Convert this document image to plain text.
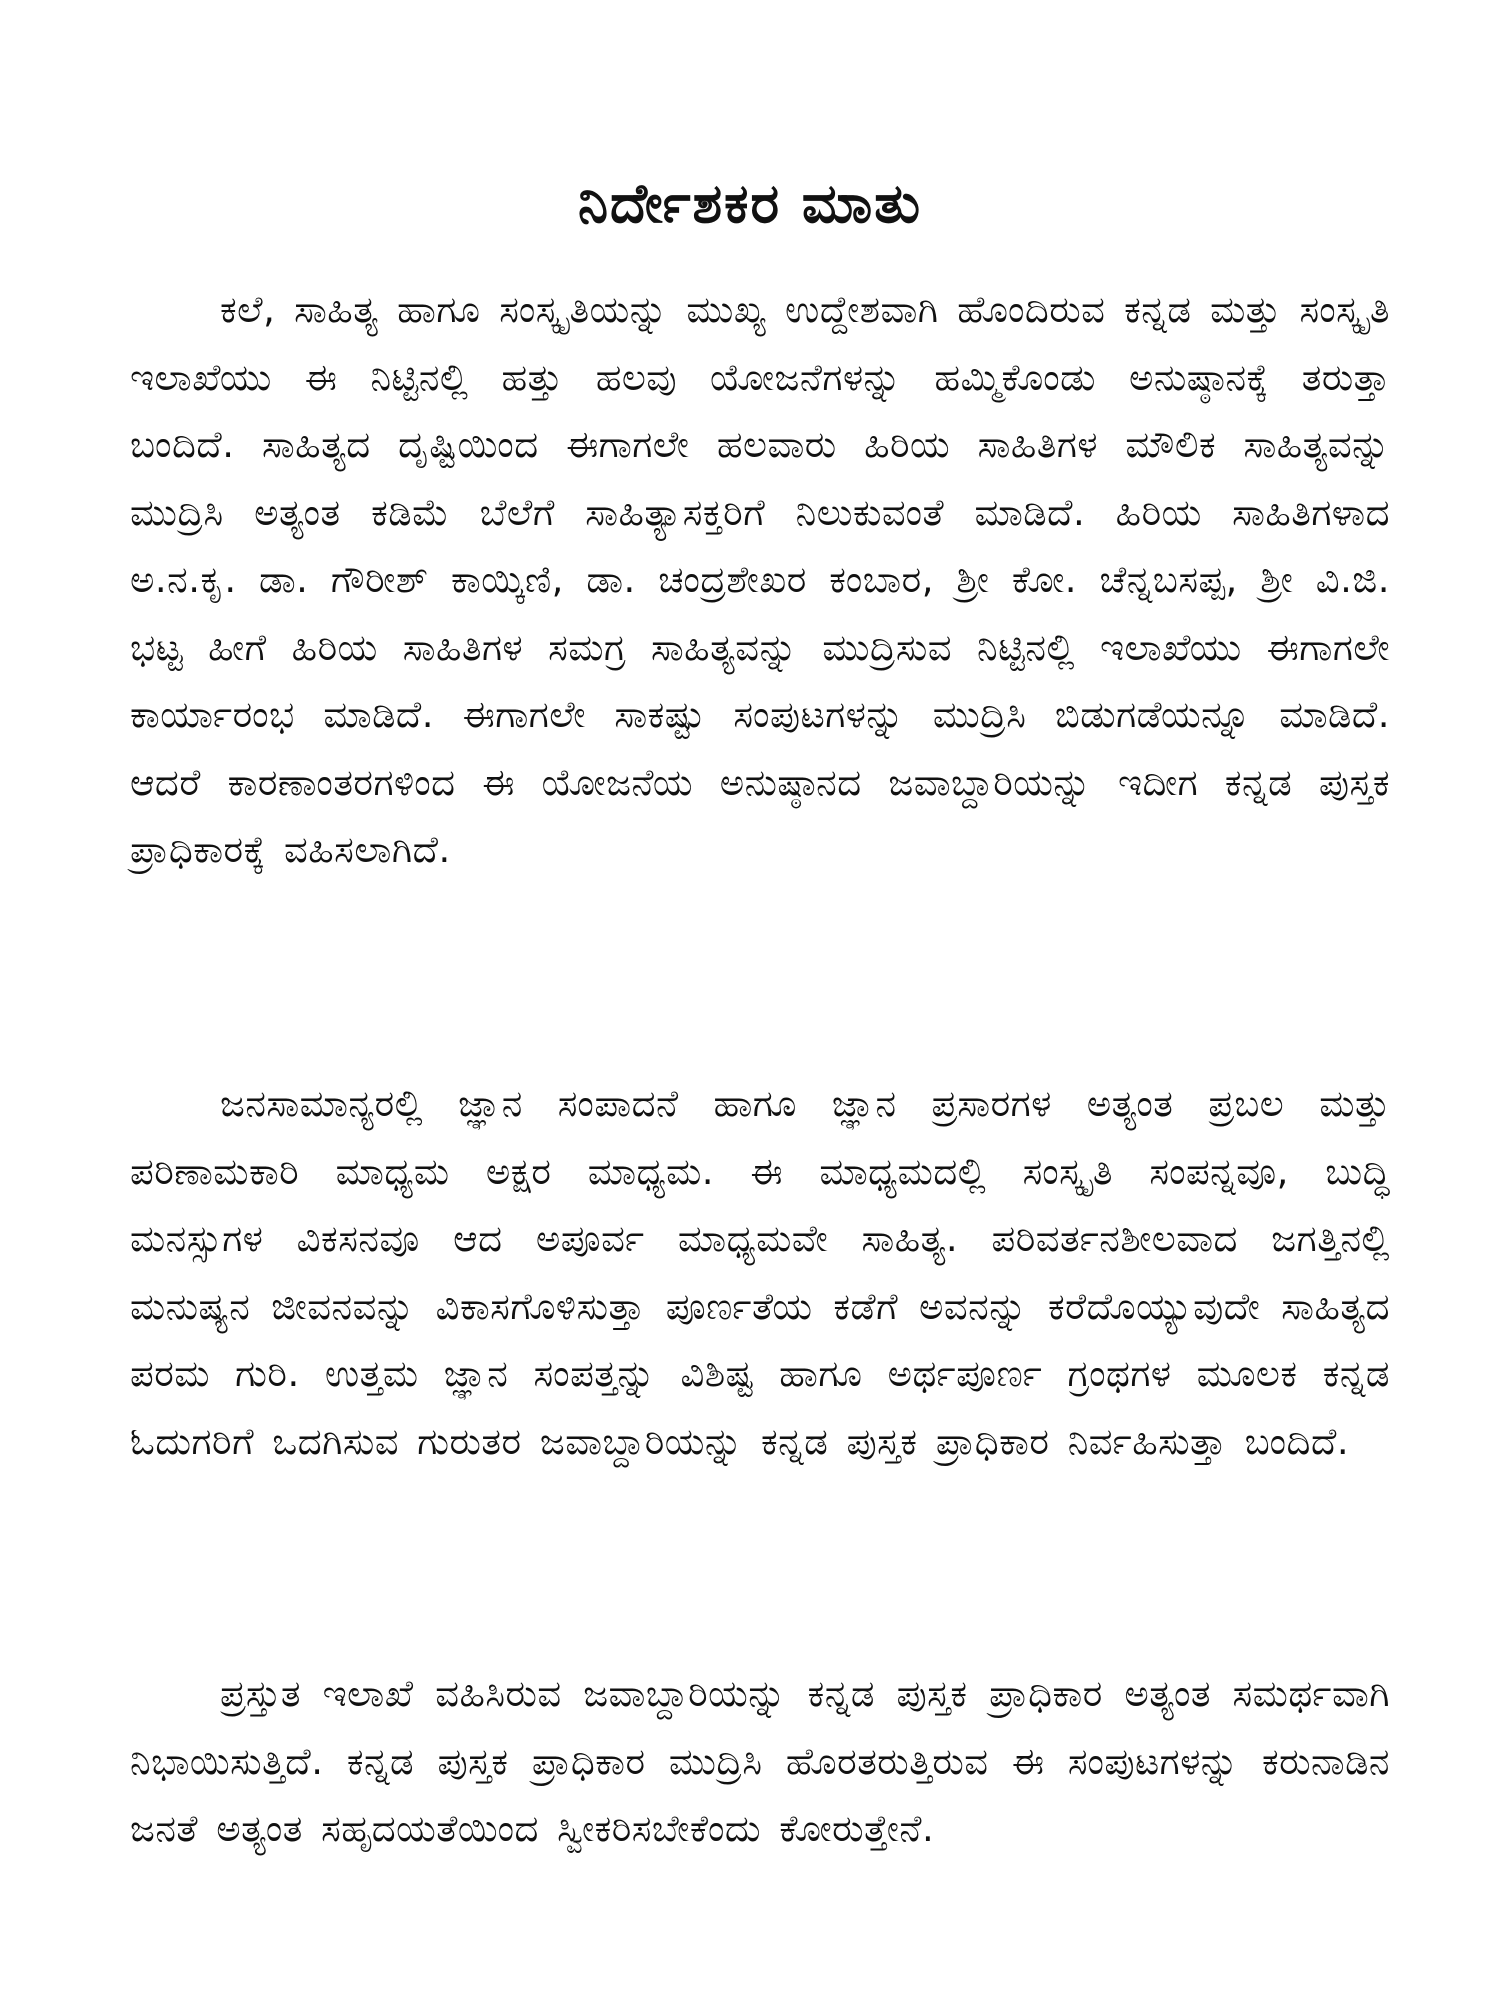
ನಿರ್ದೇಶಕರ ಮಾತು

ಕಲೆ, ಸಾಹಿತ್ಯ ಹಾಗೂ ಸಂಸ್ಕೃತಿಯನ್ನು ಮುಖ್ಯ ಉದ್ದೇಶವಾಗಿ ಹೊಂದಿರುವ ಕನ್ನಡ ಮತ್ತು ಸಂಸ್ಕೃತಿ ಇಲಾಖೆಯು ಈ ನಿಟ್ಟಿನಲ್ಲಿ ಹತ್ತು ಹಲವು ಯೋಜನೆಗಳನ್ನು ಹಮ್ಮಿಕೊಂಡು ಅನುಷ್ಠಾನಕ್ಕೆ ತರುತ್ತಾ ಬಂದಿದೆ. ಸಾಹಿತ್ಯದ ದೃಷ್ಟಿಯಿಂದ ಈಗಾಗಲೇ ಹಲವಾರು ಹಿರಿಯ ಸಾಹಿತಿಗಳ ಮೌಲಿಕ ಸಾಹಿತ್ಯವನ್ನು ಮುದ್ರಿಸಿ ಅತ್ಯಂತ ಕಡಿಮೆ ಬೆಲೆಗೆ ಸಾಹಿತ್ಯಾಸಕ್ತರಿಗೆ ನಿಲುಕುವಂತೆ ಮಾಡಿದೆ. ಹಿರಿಯ ಸಾಹಿತಿಗಳಾದ ಅ.ನ.ಕೃ. ಡಾ. ಗೌರೀಶ್ ಕಾಯ್ಕಿಣಿ, ಡಾ. ಚಂದ್ರಶೇಖರ ಕಂಬಾರ, ಶ್ರೀ ಕೋ. ಚೆನ್ನಬಸಪ್ಪ, ಶ್ರೀ ವಿ.ಜಿ. ಭಟ್ಟ ಹೀಗೆ ಹಿರಿಯ ಸಾಹಿತಿಗಳ ಸಮಗ್ರ ಸಾಹಿತ್ಯವನ್ನು ಮುದ್ರಿಸುವ ನಿಟ್ಟಿನಲ್ಲಿ ಇಲಾಖೆಯು ಈಗಾಗಲೇ ಕಾರ್ಯಾರಂಭ ಮಾಡಿದೆ. ಈಗಾಗಲೇ ಸಾಕಷ್ಟು ಸಂಪುಟಗಳನ್ನು ಮುದ್ರಿಸಿ ಬಿಡುಗಡೆಯನ್ನೂ ಮಾಡಿದೆ. ಆದರೆ ಕಾರಣಾಂತರಗಳಿಂದ ಈ ಯೋಜನೆಯ ಅನುಷ್ಠಾನದ ಜವಾಬ್ದಾರಿಯನ್ನು ಇದೀಗ ಕನ್ನಡ ಪುಸ್ತಕ ಪ್ರಾಧಿಕಾರಕ್ಕೆ ವಹಿಸಲಾಗಿದೆ.

ಜನಸಾಮಾನ್ಯರಲ್ಲಿ ಜ್ಞಾನ ಸಂಪಾದನೆ ಹಾಗೂ ಜ್ಞಾನ ಪ್ರಸಾರಗಳ ಅತ್ಯಂತ ಪ್ರಬಲ ಮತ್ತು ಪರಿಣಾಮಕಾರಿ ಮಾಧ್ಯಮ ಅಕ್ಷರ ಮಾಧ್ಯಮ. ಈ ಮಾಧ್ಯಮದಲ್ಲಿ ಸಂಸ್ಕೃತಿ ಸಂಪನ್ನವೂ, ಬುದ್ಧಿ ಮನಸ್ಸುಗಳ ವಿಕಸನವೂ ಆದ ಅಪೂರ್ವ ಮಾಧ್ಯಮವೇ ಸಾಹಿತ್ಯ. ಪರಿವರ್ತನಶೀಲವಾದ ಜಗತ್ತಿನಲ್ಲಿ ಮನುಷ್ಯನ ಜೀವನವನ್ನು ವಿಕಾಸಗೊಳಿಸುತ್ತಾ ಪೂರ್ಣತೆಯ ಕಡೆಗೆ ಅವನನ್ನು ಕರೆದೊಯ್ಯುವುದೇ ಸಾಹಿತ್ಯದ ಪರಮ ಗುರಿ. ಉತ್ತಮ ಜ್ಞಾನ ಸಂಪತ್ತನ್ನು ವಿಶಿಷ್ಟ ಹಾಗೂ ಅರ್ಥಪೂರ್ಣ ಗ್ರಂಥಗಳ ಮೂಲಕ ಕನ್ನಡ ಓದುಗರಿಗೆ ಒದಗಿಸುವ ಗುರುತರ ಜವಾಬ್ದಾರಿಯನ್ನು ಕನ್ನಡ ಪುಸ್ತಕ ಪ್ರಾಧಿಕಾರ ನಿರ್ವಹಿಸುತ್ತಾ ಬಂದಿದೆ.

ಪ್ರಸ್ತುತ ಇಲಾಖೆ ವಹಿಸಿರುವ ಜವಾಬ್ದಾರಿಯನ್ನು ಕನ್ನಡ ಪುಸ್ತಕ ಪ್ರಾಧಿಕಾರ ಅತ್ಯಂತ ಸಮರ್ಥವಾಗಿ ನಿಭಾಯಿಸುತ್ತಿದೆ. ಕನ್ನಡ ಪುಸ್ತಕ ಪ್ರಾಧಿಕಾರ ಮುದ್ರಿಸಿ ಹೊರತರುತ್ತಿರುವ ಈ ಸಂಪುಟಗಳನ್ನು ಕರುನಾಡಿನ ಜನತೆ ಅತ್ಯಂತ ಸಹೃದಯತೆಯಿಂದ ಸ್ವೀಕರಿಸಬೇಕೆಂದು ಕೋರುತ್ತೇನೆ.
